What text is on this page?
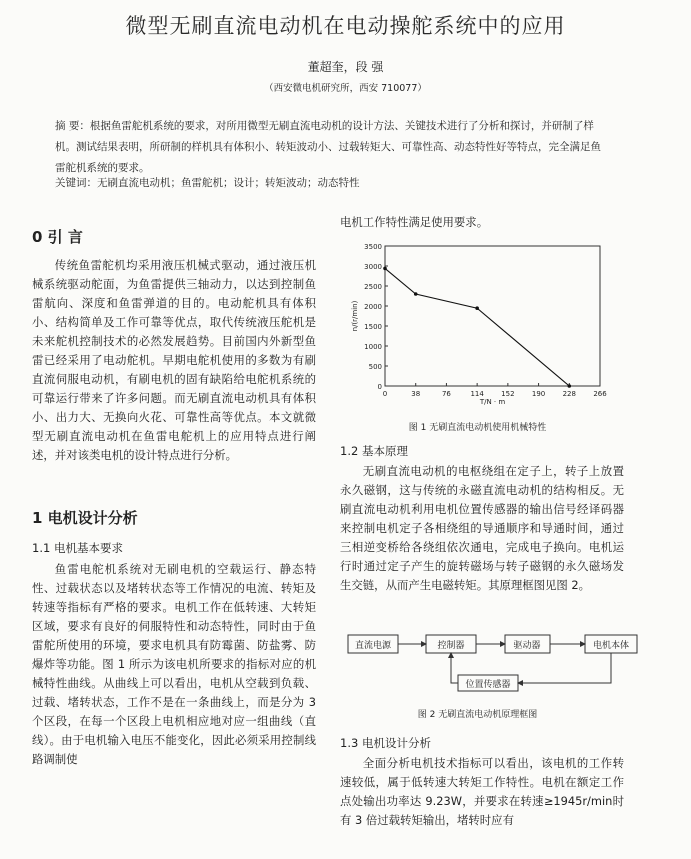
微型无刷直流电动机在电动操舵系统中的应用
董超奎，段 强
（西安微电机研究所，西安 710077）
摘 要：根据鱼雷舵机系统的要求，对所用微型无刷直流电动机的设计方法、关键技术进行了分析和探讨，并研制了样机。测试结果表明，所研制的样机具有体积小、转矩波动小、过载转矩大、可靠性高、动态特性好等特点，完全满足鱼雷舵机系统的要求。
关键词：无刷直流电动机；鱼雷舵机；设计；转矩波动；动态特性
0 引 言

传统鱼雷舵机均采用液压机械式驱动，通过液压机械系统驱动舵面，为鱼雷提供三轴动力，以达到控制鱼雷航向、深度和鱼雷弹道的目的。电动舵机具有体积小、结构简单及工作可靠等优点，取代传统液压舵机是未来舵机控制技术的必然发展趋势。目前国内外新型鱼雷已经采用了电动舵机。早期电舵机使用的多数为有刷直流伺服电动机，有刷电机的固有缺陷给电舵机系统的可靠运行带来了许多问题。而无刷直流电动机具有体积小、出力大、无换向火花、可靠性高等优点。本文就微型无刷直流电动机在鱼雷电舵机上的应用特点进行阐述，并对该类电机的设计特点进行分析。

1 电机设计分析
1.1 电机基本要求

鱼雷电舵机系统对无刷电机的空载运行、静态特性、过载状态以及堵转状态等工作情况的电流、转矩及转速等指标有严格的要求。电机工作在低转速、大转矩区域，要求有良好的伺服特性和动态特性，同时由于鱼雷舵所使用的环境，要求电机具有防霉菌、防盐雾、防爆炸等功能。图 1 所示为该电机所要求的指标对应的机械特性曲线。从曲线上可以看出，电机从空载到负载、过载、堵转状态，工作不是在一条曲线上，而是分为 3 个区段，在每一个区段上电机相应地对应一组曲线（直线）。由于电机输入电压不能变化，因此必须采用控制线路调制使

电机工作特性满足使用要求。
0	38	76	114 152 190 228 266
3500
3000
2500
2000
1500
1000
500
0
T/N · m
n/(r/min)
图 1 无刷直流电动机使用机械特性
1.2 基本原理

无刷直流电动机的电枢绕组在定子上，转子上放置永久磁钢，这与传统的永磁直流电动机的结构相反。无刷直流电动机利用电机位置传感器的输出信号经译码器来控制电机定子各相绕组的导通顺序和导通时间，通过三相逆变桥给各绕组依次通电，完成电子换向。电机运行时通过定子产生的旋转磁场与转子磁钢的永久磁场发生交链，从而产生电磁转矩。其原理框图见图 2。

直流电源	控制器	驱动器	电机本体
位置传感器
图 2 无刷直流电动机原理框图
1.3 电机设计分析

全面分析电机技术指标可以看出，该电机的工作转速较低，属于低转速大转矩工作特性。电机在额定工作点处输出功率达 9.23W，并要求在转速≥1945r/min时有 3 倍过载转矩输出，堵转时应有
